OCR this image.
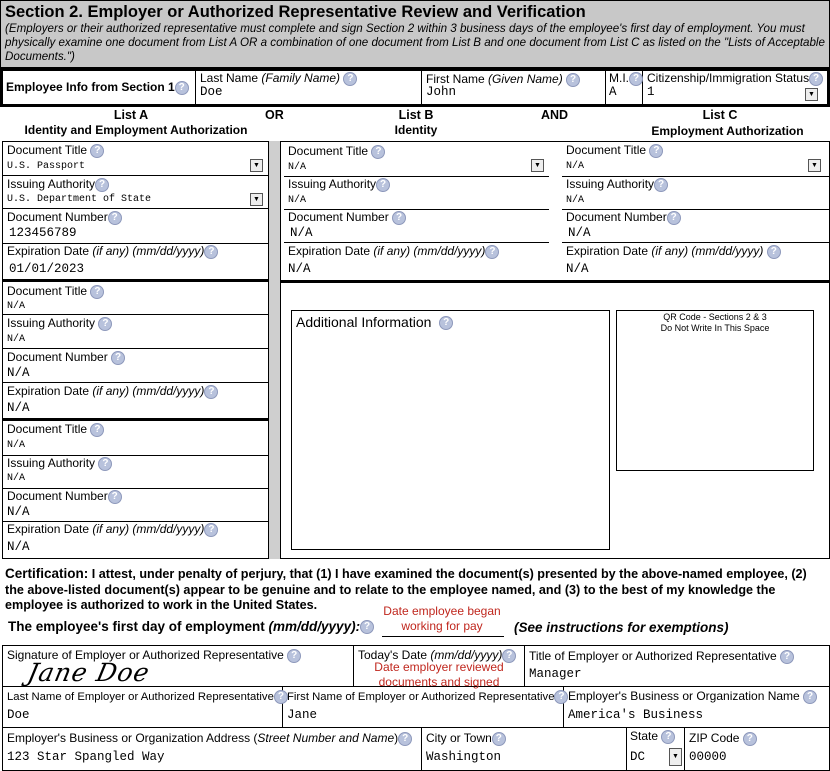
Section 2. Employer or Authorized Representative Review and Verification
(Employers or their authorized representative must complete and sign Section 2 within 3 business days of the employee's first day of employment. You must physically examine one document from List A OR a combination of one document from List B and one document from List C as listed on the "Lists of Acceptable Documents.")
Employee Info from Section 1 ?
Last Name (Family Name) ?
Doe
First Name (Given Name) ?
John
M.I. ?
A
Citizenship/Immigration Status ?
1	▼
List A
Identity and Employment Authorization
OR	List B
Identity
AND	List C
Employment Authorization
Document Title ?
U.S. Passport	▼
Issuing Authority ?
U.S. Department of State	▼
Document Number ?
123456789
Expiration Date (if any) (mm/dd/yyyy) ?
01/01/2023
Document Title ?
N/A
Issuing Authority ?
N/A
Document Number ?
N/A
Expiration Date (if any) (mm/dd/yyyy) ?
N/A
Document Title ?
N/A
Issuing Authority ?
N/A
Document Number ?
N/A
Expiration Date (if any) (mm/dd/yyyy) ?
N/A
Document Title ?
N/A	▼
Issuing Authority ?
N/A
Document Number ?
N/A
Expiration Date (if any) (mm/dd/yyyy) ?
N/A
Document Title ?
N/A	▼
Issuing Authority ?
N/A
Document Number ?
N/A
Expiration Date (if any) (mm/dd/yyyy) ?
N/A
Additional Information ?
QR Code - Sections 2 & 3
Do Not Write In This Space
Certification: I attest, under penalty of perjury, that (1) I have examined the document(s) presented by the above-named employee, (2) the above-listed document(s) appear to be genuine and to relate to the employee named, and (3) to the best of my knowledge the employee is authorized to work in the United States.
The employee's first day of employment (mm/dd/yyyy): ?
Date employee began working for pay	(See instructions for exemptions)
Signature of Employer or Authorized Representative ?
Jane Doe
Today's Date (mm/dd/yyyy) ?
Date employer reviewed documents and signed
Title of Employer or Authorized Representative ?
Manager
Last Name of Employer or Authorized Representative ?
Doe
First Name of Employer or Authorized Representative ?
Jane
Employer's Business or Organization Name ?
America's Business
Employer's Business or Organization Address (Street Number and Name) ?
123 Star Spangled Way
City or Town ?
Washington
State ?
DC	▼
ZIP Code ?
00000
